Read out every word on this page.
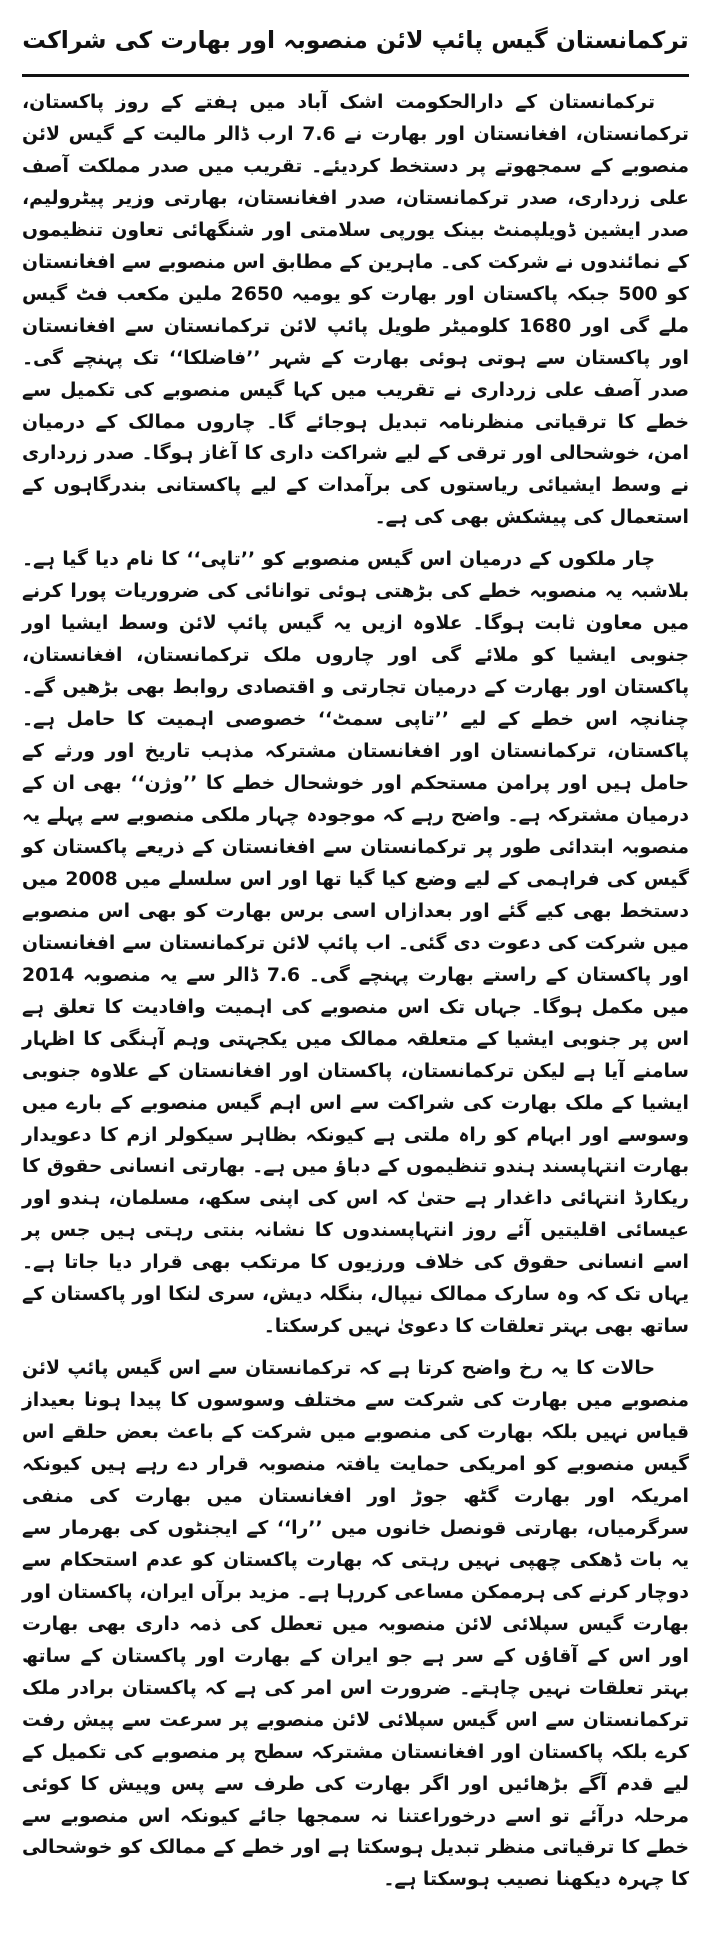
ترکمانستان گیس پائپ لائن منصوبہ اور بھارت کی شراکت

ترکمانستان کے دارالحکومت اشک آباد میں ہفتے کے روز پاکستان، ترکمانستان، افغانستان اور بھارت نے 7.6 ارب ڈالر مالیت کے گیس لائن منصوبے کے سمجھوتے پر دستخط کردیئے۔ تقریب میں صدر مملکت آصف علی زرداری، صدر ترکمانستان، صدر افغانستان، بھارتی وزیر پیٹرولیم، صدر ایشین ڈویلپمنٹ بینک یورپی سلامتی اور شنگھائی تعاون تنظیموں کے نمائندوں نے شرکت کی۔ ماہرین کے مطابق اس منصوبے سے افغانستان کو 500 جبکہ پاکستان اور بھارت کو یومیہ 2650 ملین مکعب فٹ گیس ملے گی اور 1680 کلومیٹر طویل پائپ لائن ترکمانستان سے افغانستان اور پاکستان سے ہوتی ہوئی بھارت کے شہر ’’فاضلکا‘‘ تک پہنچے گی۔ صدر آصف علی زرداری نے تقریب میں کہا گیس منصوبے کی تکمیل سے خطے کا ترقیاتی منظرنامہ تبدیل ہوجائے گا۔ چاروں ممالک کے درمیان امن، خوشحالی اور ترقی کے لیے شراکت داری کا آغاز ہوگا۔ صدر زرداری نے وسط ایشیائی ریاستوں کی برآمدات کے لیے پاکستانی بندرگاہوں کے استعمال کی پیشکش بھی کی ہے۔

چار ملکوں کے درمیان اس گیس منصوبے کو ’’تاپی‘‘ کا نام دیا گیا ہے۔ بلاشبہ یہ منصوبہ خطے کی بڑھتی ہوئی توانائی کی ضروریات پورا کرنے میں معاون ثابت ہوگا۔ علاوہ ازیں یہ گیس پائپ لائن وسط ایشیا اور جنوبی ایشیا کو ملائے گی اور چاروں ملک ترکمانستان، افغانستان، پاکستان اور بھارت کے درمیان تجارتی و اقتصادی روابط بھی بڑھیں گے۔ چنانچہ اس خطے کے لیے ’’تاپی سمٹ‘‘ خصوصی اہمیت کا حامل ہے۔ پاکستان، ترکمانستان اور افغانستان مشترکہ مذہب تاریخ اور ورثے کے حامل ہیں اور پرامن مستحکم اور خوشحال خطے کا ’’وژن‘‘ بھی ان کے درمیان مشترکہ ہے۔ واضح رہے کہ موجودہ چہار ملکی منصوبے سے پہلے یہ منصوبہ ابتدائی طور پر ترکمانستان سے افغانستان کے ذریعے پاکستان کو گیس کی فراہمی کے لیے وضع کیا گیا تھا اور اس سلسلے میں 2008 میں دستخط بھی کیے گئے اور بعدازاں اسی برس بھارت کو بھی اس منصوبے میں شرکت کی دعوت دی گئی۔ اب پائپ لائن ترکمانستان سے افغانستان اور پاکستان کے راستے بھارت پہنچے گی۔ 7.6 ڈالر سے یہ منصوبہ 2014 میں مکمل ہوگا۔ جہاں تک اس منصوبے کی اہمیت وافادیت کا تعلق ہے اس پر جنوبی ایشیا کے متعلقہ ممالک میں یکجہتی وہم آہنگی کا اظہار سامنے آیا ہے لیکن ترکمانستان، پاکستان اور افغانستان کے علاوہ جنوبی ایشیا کے ملک بھارت کی شراکت سے اس اہم گیس منصوبے کے بارے میں وسوسے اور ابہام کو راہ ملتی ہے کیونکہ بظاہر سیکولر ازم کا دعویدار بھارت انتہاپسند ہندو تنظیموں کے دباؤ میں ہے۔ بھارتی انسانی حقوق کا ریکارڈ انتہائی داغدار ہے حتیٰ کہ اس کی اپنی سکھ، مسلمان، ہندو اور عیسائی اقلیتیں آئے روز انتہاپسندوں کا نشانہ بنتی رہتی ہیں جس پر اسے انسانی حقوق کی خلاف ورزیوں کا مرتکب بھی قرار دیا جاتا ہے۔ یہاں تک کہ وہ سارک ممالک نیپال، بنگلہ دیش، سری لنکا اور پاکستان کے ساتھ بھی بہتر تعلقات کا دعویٰ نہیں کرسکتا۔

حالات کا یہ رخ واضح کرتا ہے کہ ترکمانستان سے اس گیس پائپ لائن منصوبے میں بھارت کی شرکت سے مختلف وسوسوں کا پیدا ہونا بعیداز قیاس نہیں بلکہ بھارت کی منصوبے میں شرکت کے باعث بعض حلقے اس گیس منصوبے کو امریکی حمایت یافتہ منصوبہ قرار دے رہے ہیں کیونکہ امریکہ اور بھارت گٹھ جوڑ اور افغانستان میں بھارت کی منفی سرگرمیاں، بھارتی قونصل خانوں میں ’’را‘‘ کے ایجنٹوں کی بھرمار سے یہ بات ڈھکی چھپی نہیں رہتی کہ بھارت پاکستان کو عدم استحکام سے دوچار کرنے کی ہرممکن مساعی کررہا ہے۔ مزید برآں ایران، پاکستان اور بھارت گیس سپلائی لائن منصوبہ میں تعطل کی ذمہ داری بھی بھارت اور اس کے آقاؤں کے سر ہے جو ایران کے بھارت اور پاکستان کے ساتھ بہتر تعلقات نہیں چاہتے۔ ضرورت اس امر کی ہے کہ پاکستان برادر ملک ترکمانستان سے اس گیس سپلائی لائن منصوبے پر سرعت سے پیش رفت کرے بلکہ پاکستان اور افغانستان مشترکہ سطح پر منصوبے کی تکمیل کے لیے قدم آگے بڑھائیں اور اگر بھارت کی طرف سے پس وپیش کا کوئی مرحلہ درآئے تو اسے درخوراعتنا نہ سمجھا جائے کیونکہ اس منصوبے سے خطے کا ترقیاتی منظر تبدیل ہوسکتا ہے اور خطے کے ممالک کو خوشحالی کا چہرہ دیکھنا نصیب ہوسکتا ہے۔
